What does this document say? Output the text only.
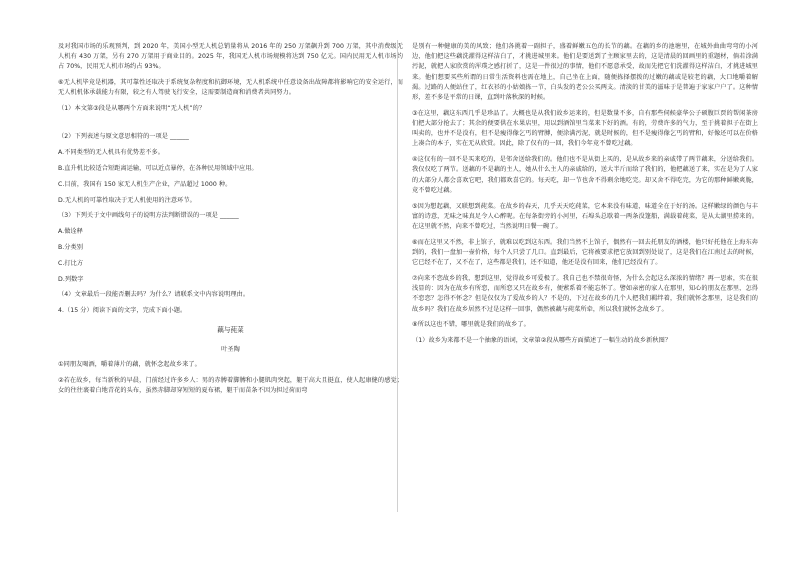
及对我国市场的乐观预判，到 2020 年，美国小型无人机总销量将从 2016 年的 250 万架飙升到 700 万架，其中消费级无人机有 430 万架，另有 270 万架用于商业目的。2025 年，我国无人机市场规模将达到 750 亿元。国内民用无人机市场约占 70%，民用无人机市场约占 93%。

⑥无人机毕竟是机器，其可靠性还取决于系统复杂程度和抗御环境，无人机系统中任意设备出故障都将影响它的安全运行，而无人机机体承载能力有限，较之有人驾驶飞行安全，这需要制造商和消费者共同努力。

（1）本文第③段是从哪两个方面来说明“无人机”的？

（2）下列表述与原文意思相符的一项是 ______

A.不同类型的无人机具有优势差不多。

B.直升机比较适合短距离运输，可以近点暴停，在各种民用领域中应用。

C.目前，我国有 150 家无人机生产企业，产品超过 1000 种。

D.无人机的可靠性取决于无人机使用的注意环节。

（3）下列关于文中画线句子的说明方法判断错误的一项是 ______

A.做诠释

B.分类别

C.打比方

D.列数字

（4）文章最后一段能否删去吗？为什么？请联系文中内容说明理由。

4.（15 分）阅读下面的文字，完成下面小题。

藕与莼菜

叶圣陶

①同朋友喝酒，嚼着薄片的藕，就怀念起故乡来了。

②若在故乡，每当新秋的早晨，门前经过许多乡人：男的赤膊着脚膊和小腿肌肉突起，躯干高大且挺直，使人起康健的感觉；女的往往裹着白地青花的头布，虽然赤脚却穿短短的夏布裙，躯干而苗条不因为担过荷而弯

是别有一种健康的美的风致；他们各挑着一副担子，盛着鲜嫩五色的长节的藕。在藕的乡的池塘里，在城外曲曲弯弯的小河边，他们把这些藕洗濯得这样洁白了，才挑进城里来。他们是要送到了主顾家里去的，这是清晨的回画里的重题材，倘若涂满污泥，就把人家欣赏的浑璞之感打折了，这是一件很过的事情，他们不愿意承受，故而先把它们洗濯得这样洁白，才挑进城里来。他们想要买些所谓的日常生活资料也需在地上，自己坐在上面，随便拣择摆拨的过嫩的藕或是较老的藕，大口地嚼着解渴。过路的人便站住了，红衣衫的小姑娘拣一节，白头发的老公公买两支。清淡的甘美的滋味于是普遍于家家户户了。这种情形，差不多是平常的日课，直到叶落秋深的时候。

③在这里，藕这东西几乎是珍品了。大概也是从我们故乡运来的，但是数量不多，自有那些伺候豪华公子硕腹巨贾的帮闲茶房们把大部分抢去了；其余的便要供在水果店里，用以到酒馆里当菜来下好的酒。有的，劳费许多的气力，至于挑着担子在街上叫卖的，也并不是没有，但不是瘦得像乞丐的臂膊，便涂满污泥，就是时候的，但不是瘦得像乞丐的臂和，好像还可以在价格上凑合的本子，实在无从欣赏。因此，除了仅有的一回，我们今年竟不曾吃过藕。

④这仅有的一回不是买来吃的，是邻舍送给我们的。他们也不是从街上买的，是从故乡来的亲戚带了两节藕来，分送给我们。我仅仅吃了两节。送藕的不是藕的主人，她从什么主人的亲戚给的，送大半斤而给了我们的，他把藕送了来，实在是为了人家的大部分人都会喜欢它吧，我们都欢喜它的。每天吃，却一节也舍不得剩余地吃完。却又舍不得吃完，为它的那种鲜嫩爽脆，竟不曾吃过藕。

⑤因为想起藕，又联想到莼菜。在故乡的春天，几乎天天吃莼菜，它本来没有味道，味道全在于好的汤。这样嫩绿的颜色与丰富的诗意，无味之味真足令人心醉呢。在每条街旁的小河里，石埠头总歇着一两条没篷船，满载着莼菜，是从太湖里捞来的。在这里就不然，向来不曾吃过，当然说明日餐一碗了。

⑥而在这里又不然，非上馆子，就难以吃到这东西。我们当然不上馆子，偶然有一回去托朋友的酒楼，他只好托他在上海东奔到的，我们一盘加一壶价格，每个人只尝了几口。直到最后，它将被要求把它放回到别处说了，这是我们在江南过去的时候，它已经不在了，又不在了，这些都是我们，还不知道，他还是没有回来，他们已经没有了。

⑦向来不恋故乡的我，想到这里，觉得故乡可爱极了。我自己也不禁很奇怪，为什么会起这么深浓的情绪？再一思索，实在很浅显的：因为在故乡有所恋，而所恋又只在故乡有，便萦系着不能忘怀了。譬如亲密的家人在那里，知心的朋友在那里，怎得不恋恋？怎得不怀念？但是仅仅为了爱故乡的人？不是的，下过在故乡的几个人把我们羁绊着，我们就怀念那里，这是我们的故乡吗？我们在故乡居然不过是这样一回事，偶然被藕与莼菜所牵，所以我们就怀念故乡了。

⑧所以这也不错，哪里就是我们的故乡了。

（1）故乡为来都不是一个抽象的语词，文章第②段从哪些方面描述了一幅生动的故乡新秋图？
